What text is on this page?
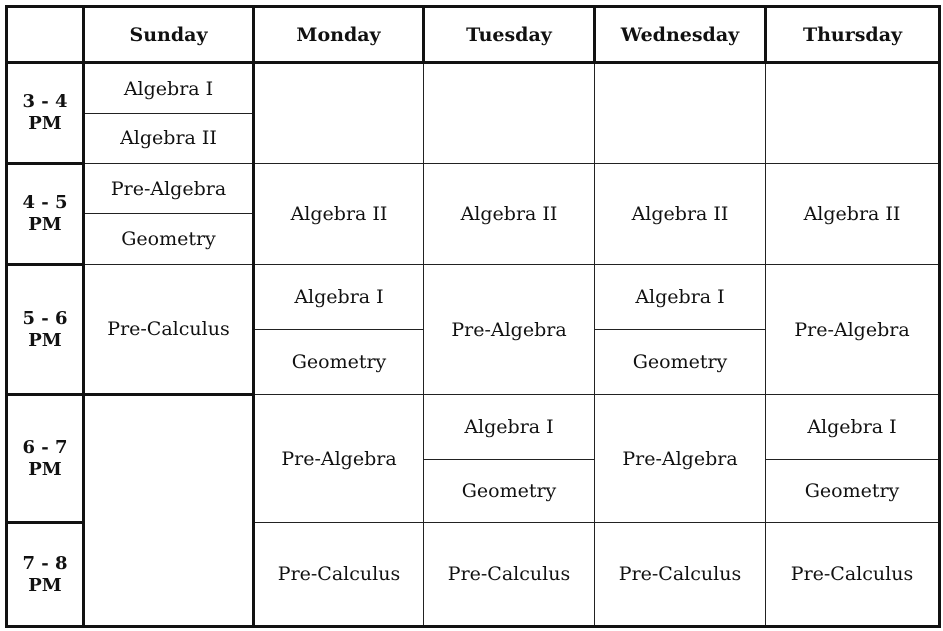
	Sunday	Monday	Tuesday	Wednesday	Thursday

3 - 4
PM	Algebra I				
	Algebra II				

4 - 5
PM	Pre-Algebra	Algebra II	Algebra II	Algebra II	Algebra II
	Geometry				

5 - 6
PM	Pre-Calculus	Algebra I	Pre-Algebra	Algebra I	Pre-Algebra
		Geometry		Geometry	

6 - 7
PM		Pre-Algebra	Algebra I	Pre-Algebra	Algebra I
			Geometry		Geometry

7 - 8
PM		Pre-Calculus	Pre-Calculus	Pre-Calculus	Pre-Calculus
